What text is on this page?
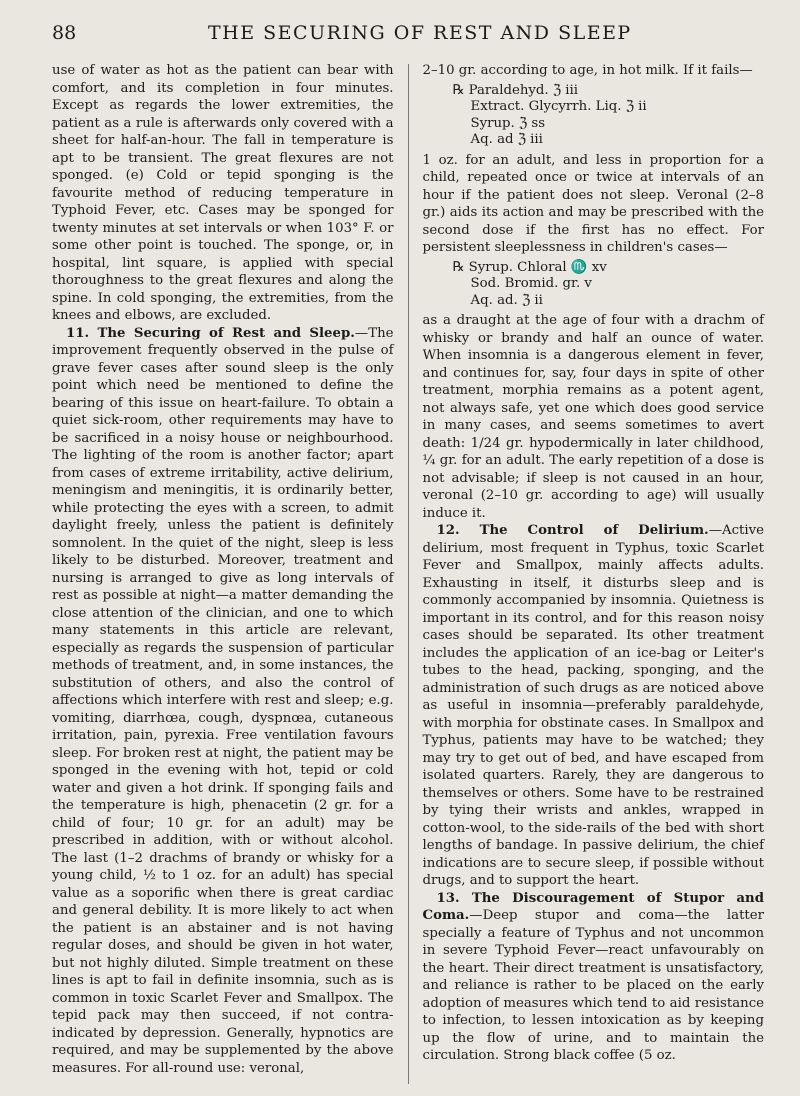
88	THE SECURING OF REST AND SLEEP

use of water as hot as the patient can bear with comfort, and its completion in four minutes. Except as regards the lower extremities, the patient as a rule is afterwards only covered with a sheet for half-an-hour. The fall in temperature is apt to be transient. The great flexures are not sponged. (e) Cold or tepid sponging is the favourite method of reducing temperature in Typhoid Fever, etc. Cases may be sponged for twenty minutes at set intervals or when 103° F. or some other point is touched. The sponge, or, in hospital, lint square, is applied with special thoroughness to the great flexures and along the spine. In cold sponging, the extremities, from the knees and elbows, are excluded.

11. The Securing of Rest and Sleep.—The improvement frequently observed in the pulse of grave fever cases after sound sleep is the only point which need be mentioned to define the bearing of this issue on heart-failure. To obtain a quiet sick-room, other requirements may have to be sacrificed in a noisy house or neighbourhood. The lighting of the room is another factor; apart from cases of extreme irritability, active delirium, meningism and meningitis, it is ordinarily better, while protecting the eyes with a screen, to admit daylight freely, unless the patient is definitely somnolent. In the quiet of the night, sleep is less likely to be disturbed. Moreover, treatment and nursing is arranged to give as long intervals of rest as possible at night—a matter demanding the close attention of the clinician, and one to which many statements in this article are relevant, especially as regards the suspension of particular methods of treatment, and, in some instances, the substitution of others, and also the control of affections which interfere with rest and sleep; e.g. vomiting, diarrhœa, cough, dyspnœa, cutaneous irritation, pain, pyrexia. Free ventilation favours sleep. For broken rest at night, the patient may be sponged in the evening with hot, tepid or cold water and given a hot drink. If sponging fails and the temperature is high, phenacetin (2 gr. for a child of four; 10 gr. for an adult) may be prescribed in addition, with or without alcohol. The last (1–2 drachms of brandy or whisky for a young child, ½ to 1 oz. for an adult) has special value as a soporific when there is great cardiac and general debility. It is more likely to act when the patient is an abstainer and is not having regular doses, and should be given in hot water, but not highly diluted. Simple treatment on these lines is apt to fail in definite insomnia, such as is common in toxic Scarlet Fever and Smallpox. The tepid pack may then succeed, if not contra-indicated by depression. Generally, hypnotics are required, and may be supplemented by the above measures. For all-round use: veronal,

2–10 gr. according to age, in hot milk. If it fails—

℞ Paraldehyd. ℨ iii
Extract. Glycyrrh. Liq. ℨ ii
Syrup. ℨ ss
Aq. ad ℨ iii

1 oz. for an adult, and less in proportion for a child, repeated once or twice at intervals of an hour if the patient does not sleep. Veronal (2–8 gr.) aids its action and may be prescribed with the second dose if the first has no effect. For persistent sleeplessness in children's cases—

℞ Syrup. Chloral ♏ xv
Sod. Bromid. gr. v
Aq. ad. ℨ ii

as a draught at the age of four with a drachm of whisky or brandy and half an ounce of water. When insomnia is a dangerous element in fever, and continues for, say, four days in spite of other treatment, morphia remains as a potent agent, not always safe, yet one which does good service in many cases, and seems sometimes to avert death: 1/24 gr. hypodermically in later childhood, ¼ gr. for an adult. The early repetition of a dose is not advisable; if sleep is not caused in an hour, veronal (2–10 gr. according to age) will usually induce it.

12. The Control of Delirium.—Active delirium, most frequent in Typhus, toxic Scarlet Fever and Smallpox, mainly affects adults. Exhausting in itself, it disturbs sleep and is commonly accompanied by insomnia. Quietness is important in its control, and for this reason noisy cases should be separated. Its other treatment includes the application of an ice-bag or Leiter's tubes to the head, packing, sponging, and the administration of such drugs as are noticed above as useful in insomnia—preferably paraldehyde, with morphia for obstinate cases. In Smallpox and Typhus, patients may have to be watched; they may try to get out of bed, and have escaped from isolated quarters. Rarely, they are dangerous to themselves or others. Some have to be restrained by tying their wrists and ankles, wrapped in cotton-wool, to the side-rails of the bed with short lengths of bandage. In passive delirium, the chief indications are to secure sleep, if possible without drugs, and to support the heart.

13. The Discouragement of Stupor and Coma.—Deep stupor and coma—the latter specially a feature of Typhus and not uncommon in severe Typhoid Fever—react unfavourably on the heart. Their direct treatment is unsatisfactory, and reliance is rather to be placed on the early adoption of measures which tend to aid resistance to infection, to lessen intoxication as by keeping up the flow of urine, and to maintain the circulation. Strong black coffee (5 oz.
